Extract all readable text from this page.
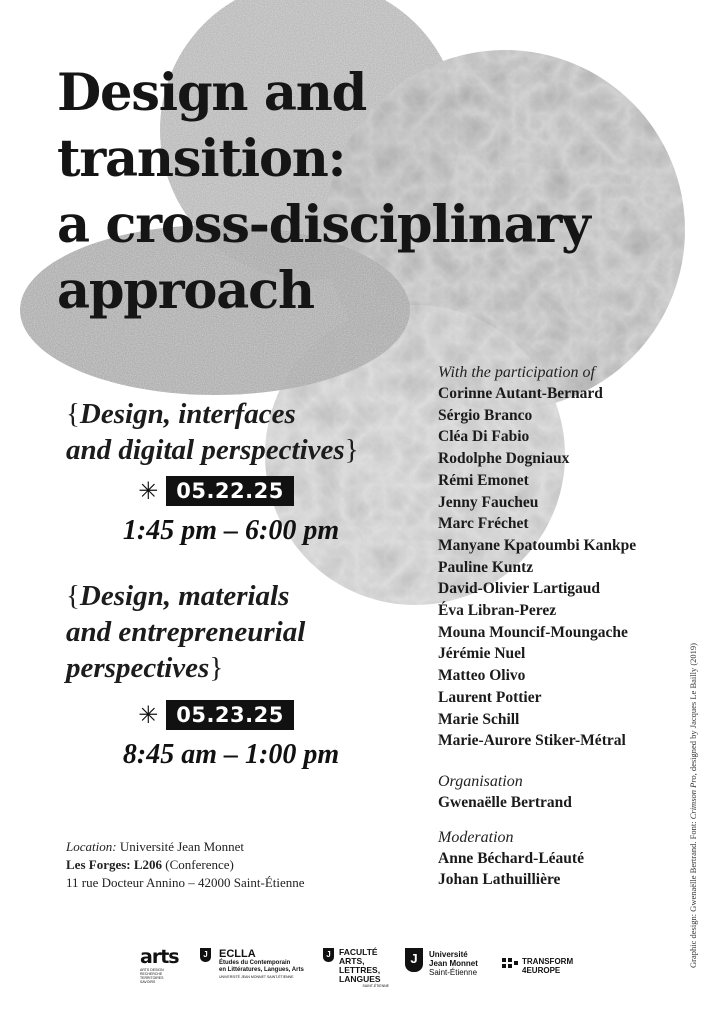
Design and
transition:
a cross-disciplinary
approach
{Design, interfaces
and digital perspectives}
✳ 05.22.25
1:45 pm – 6:00 pm
{Design, materials
and entrepreneurial
perspectives}
✳ 05.23.25
8:45 am – 1:00 pm

With the participation of

Corinne Autant-Bernard
Sérgio Branco
Cléa Di Fabio
Rodolphe Dogniaux
Rémi Emonet
Jenny Faucheu
Marc Fréchet
Manyane Kpatoumbi Kankpe
Pauline Kuntz
David-Olivier Lartigaud
Éva Libran-Perez
Mouna Mouncif-Moungache
Jérémie Nuel
Matteo Olivo
Laurent Pottier
Marie Schill
Marie-Aurore Stiker-Métral

Organisation

Gwenaëlle Bertrand

Moderation

Anne Béchard-Léauté
Johan Lathuillière
Location: Université Jean Monnet
Les Forges: L206 (Conference)
11 rue Docteur Annino – 42000 Saint-Étienne	Graphic design: Gwenaëlle Bertrand. Font: Crimson Pro, designed by Jacques Le Bailly (2019)
arts
ARTS DESIGN RECHERCHE TERRITOIRES SAVOIRS
J ECLLA
Études du Contemporain
en Littératures, Langues, Arts
UNIVERSITÉ JEAN MONNET SAINT-ÉTIENNE
J FACULTÉ
ARTS,
LETTRES,
LANGUES
SAINT-ÉTIENNE
J Université
Jean Monnet
Saint-Étienne
TRANSFORM
4EUROPE
